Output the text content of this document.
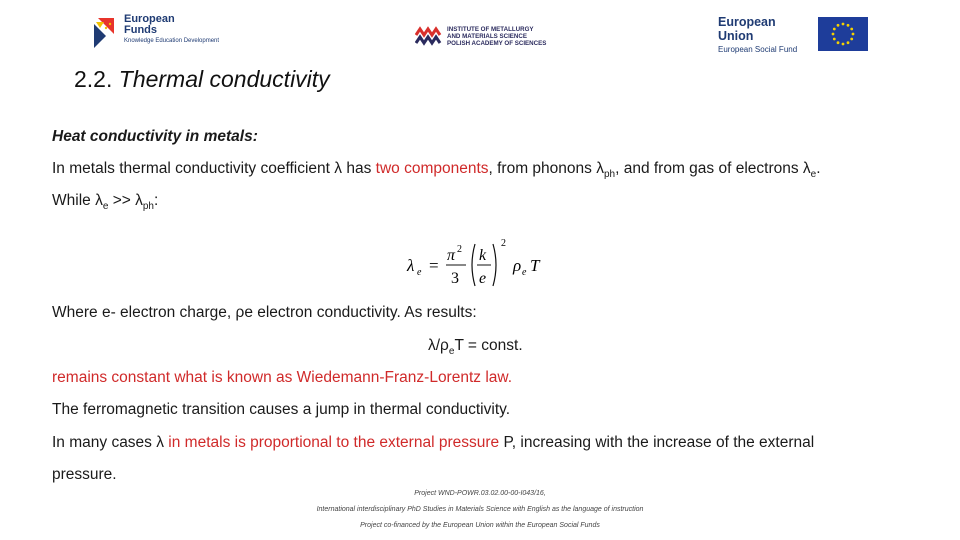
European
Funds
Knowledge Education Development
INSTITUTE OF METALLURGY
AND MATERIALS SCIENCE
POLISH ACADEMY OF SCIENCES
European Union
European Social Fund
2.2. Thermal conductivity
Heat conductivity in metals:
In metals thermal conductivity coefficient λ has two components, from phonons $\lambda_{ph}$, and from gas of electrons $\lambda_e$.
While $\lambda_e >> \lambda_{ph}$:
λ e =
π 2
3
k
e
2
ρ e T
Where e- electron charge, ρe electron conductivity. As results:
$\lambda/\rho_eT$ = const.
remains constant what is known as Wiedemann-Franz-Lorentz law.
The ferromagnetic transition causes a jump in thermal conductivity.
In many cases λ in metals is proportional to the external pressure P, increasing with the increase of the external
pressure.
Project WND-POWR.03.02.00-00-I043/16,
International interdisciplinary PhD Studies in Materials Science with English as the language of instruction
Project co-financed by the European Union within the European Social Funds
